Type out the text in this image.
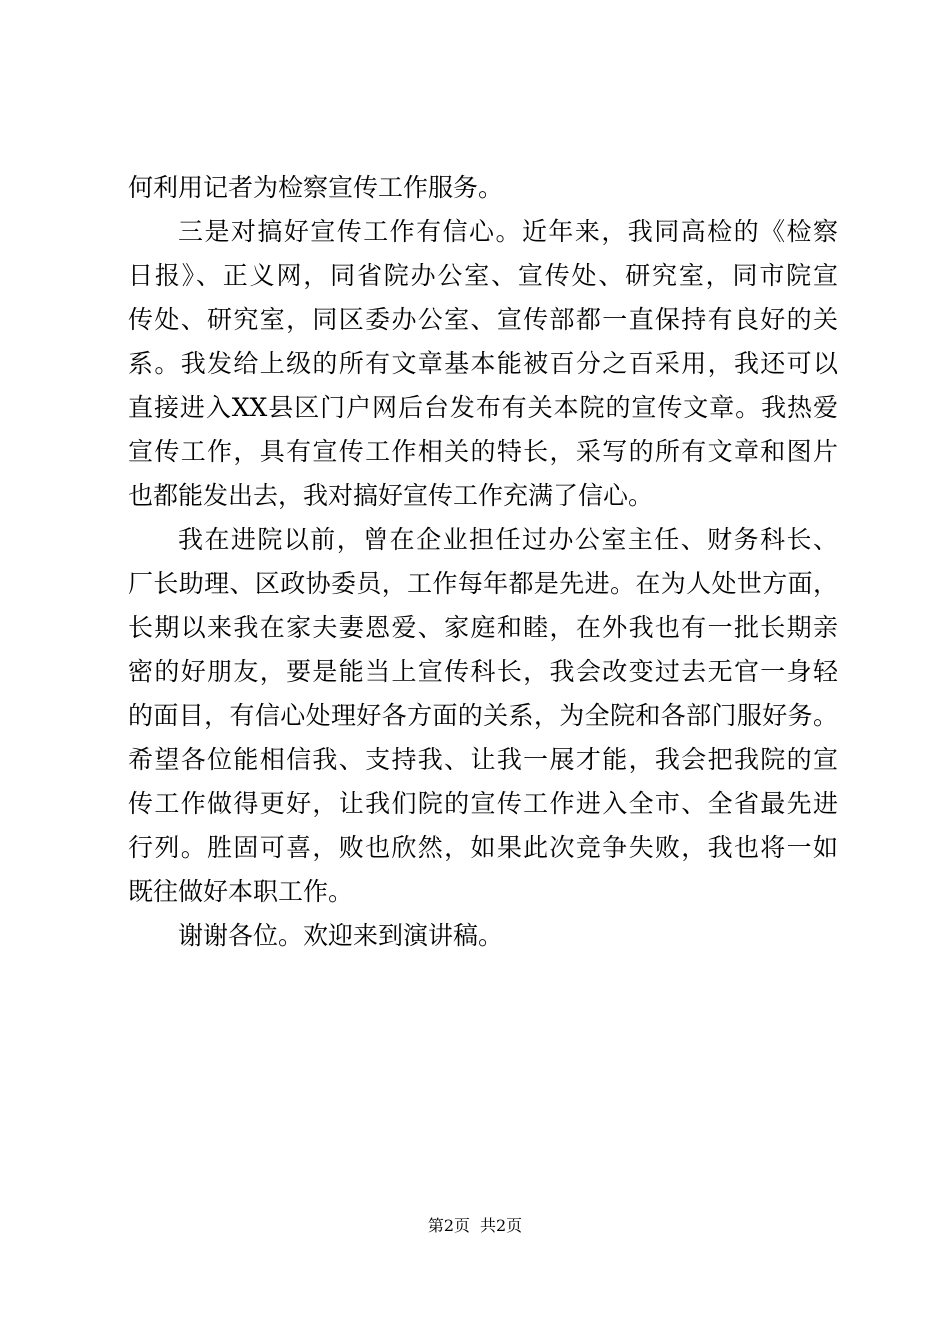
何利用记者为检察宣传工作服务。
三是对搞好宣传工作有信心。近年来，我同高检的《检察
日报》、正义网，同省院办公室、宣传处、研究室，同市院宣
传处、研究室，同区委办公室、宣传部都一直保持有良好的关
系。我发给上级的所有文章基本能被百分之百采用，我还可以
直接进入XX县区门户网后台发布有关本院的宣传文章。我热爱
宣传工作，具有宣传工作相关的特长，采写的所有文章和图片
也都能发出去，我对搞好宣传工作充满了信心。
我在进院以前，曾在企业担任过办公室主任、财务科长、
厂长助理、区政协委员，工作每年都是先进。在为人处世方面，
长期以来我在家夫妻恩爱、家庭和睦，在外我也有一批长期亲
密的好朋友，要是能当上宣传科长，我会改变过去无官一身轻
的面目，有信心处理好各方面的关系，为全院和各部门服好务。
希望各位能相信我、支持我、让我一展才能，我会把我院的宣
传工作做得更好，让我们院的宣传工作进入全市、全省最先进
行列。胜固可喜，败也欣然，如果此次竞争失败，我也将一如
既往做好本职工作。
谢谢各位。欢迎来到演讲稿。
第2页 共2页
